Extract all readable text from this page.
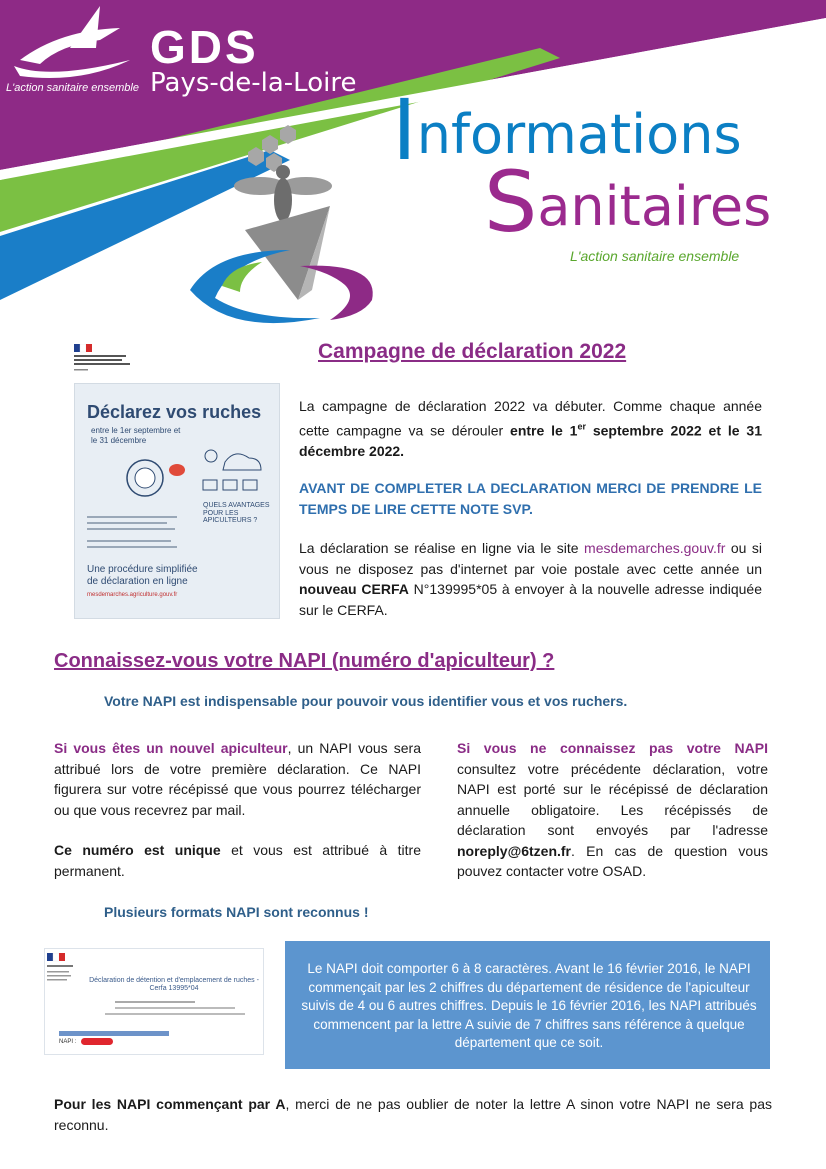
GDS
Pays-de-la-Loire
L'action sanitaire ensemble	Informations
Sanitaires
L'action sanitaire ensemble
Déclarez vos ruches
entre le 1er septembre et le 31 décembre
QUELS AVANTAGES POUR LES APICULTEURS ?
Une procédure simplifiée de déclaration en ligne
mesdemarches.agriculture.gouv.fr
Campagne de déclaration 2022

La campagne de déclaration 2022 va débuter. Comme chaque année cette campagne va se dérouler entre le 1er septembre 2022 et le 31 décembre 2022.

AVANT DE COMPLETER LA DECLARATION MERCI DE PRENDRE LE TEMPS DE LIRE CETTE NOTE SVP.

La déclaration se réalise en ligne via le site mesdemarches.gouv.fr ou si vous ne disposez pas d'internet par voie postale avec cette année un nouveau CERFA N°139995*05 à envoyer à la nouvelle adresse indiquée sur le CERFA.

Connaissez-vous votre NAPI (numéro d'apiculteur) ?
Votre NAPI est indispensable pour pouvoir vous identifier vous et vos ruchers.

Si vous êtes un nouvel apiculteur, un NAPI vous sera attribué lors de votre première déclaration. Ce NAPI figurera sur votre récépissé que vous pourrez télécharger ou que vous recevrez par mail.

Ce numéro est unique et vous est attribué à titre permanent.

Si vous ne connaissez pas votre NAPI consultez votre précédente déclaration, votre NAPI est porté sur le récépissé de déclaration annuelle obligatoire. Les récépissés de déclaration sont envoyés par l'adresse noreply@6tzen.fr. En cas de question vous pouvez contacter votre OSAD.

Plusieurs formats NAPI sont reconnus !
Déclaration de détention et d'emplacement de ruches - Cerfa 13995*04
NAPI :

Le NAPI doit comporter 6 à 8 caractères. Avant le 16 février 2016, le NAPI commençait par les 2 chiffres du département de résidence de l'apiculteur suivis de 4 ou 6 autres chiffres. Depuis le 16 février 2016, les NAPI attribués commencent par la lettre A suivie de 7 chiffres sans référence à quelque département que ce soit.

Pour les NAPI commençant par A, merci de ne pas oublier de noter la lettre A sinon votre NAPI ne sera pas reconnu.
